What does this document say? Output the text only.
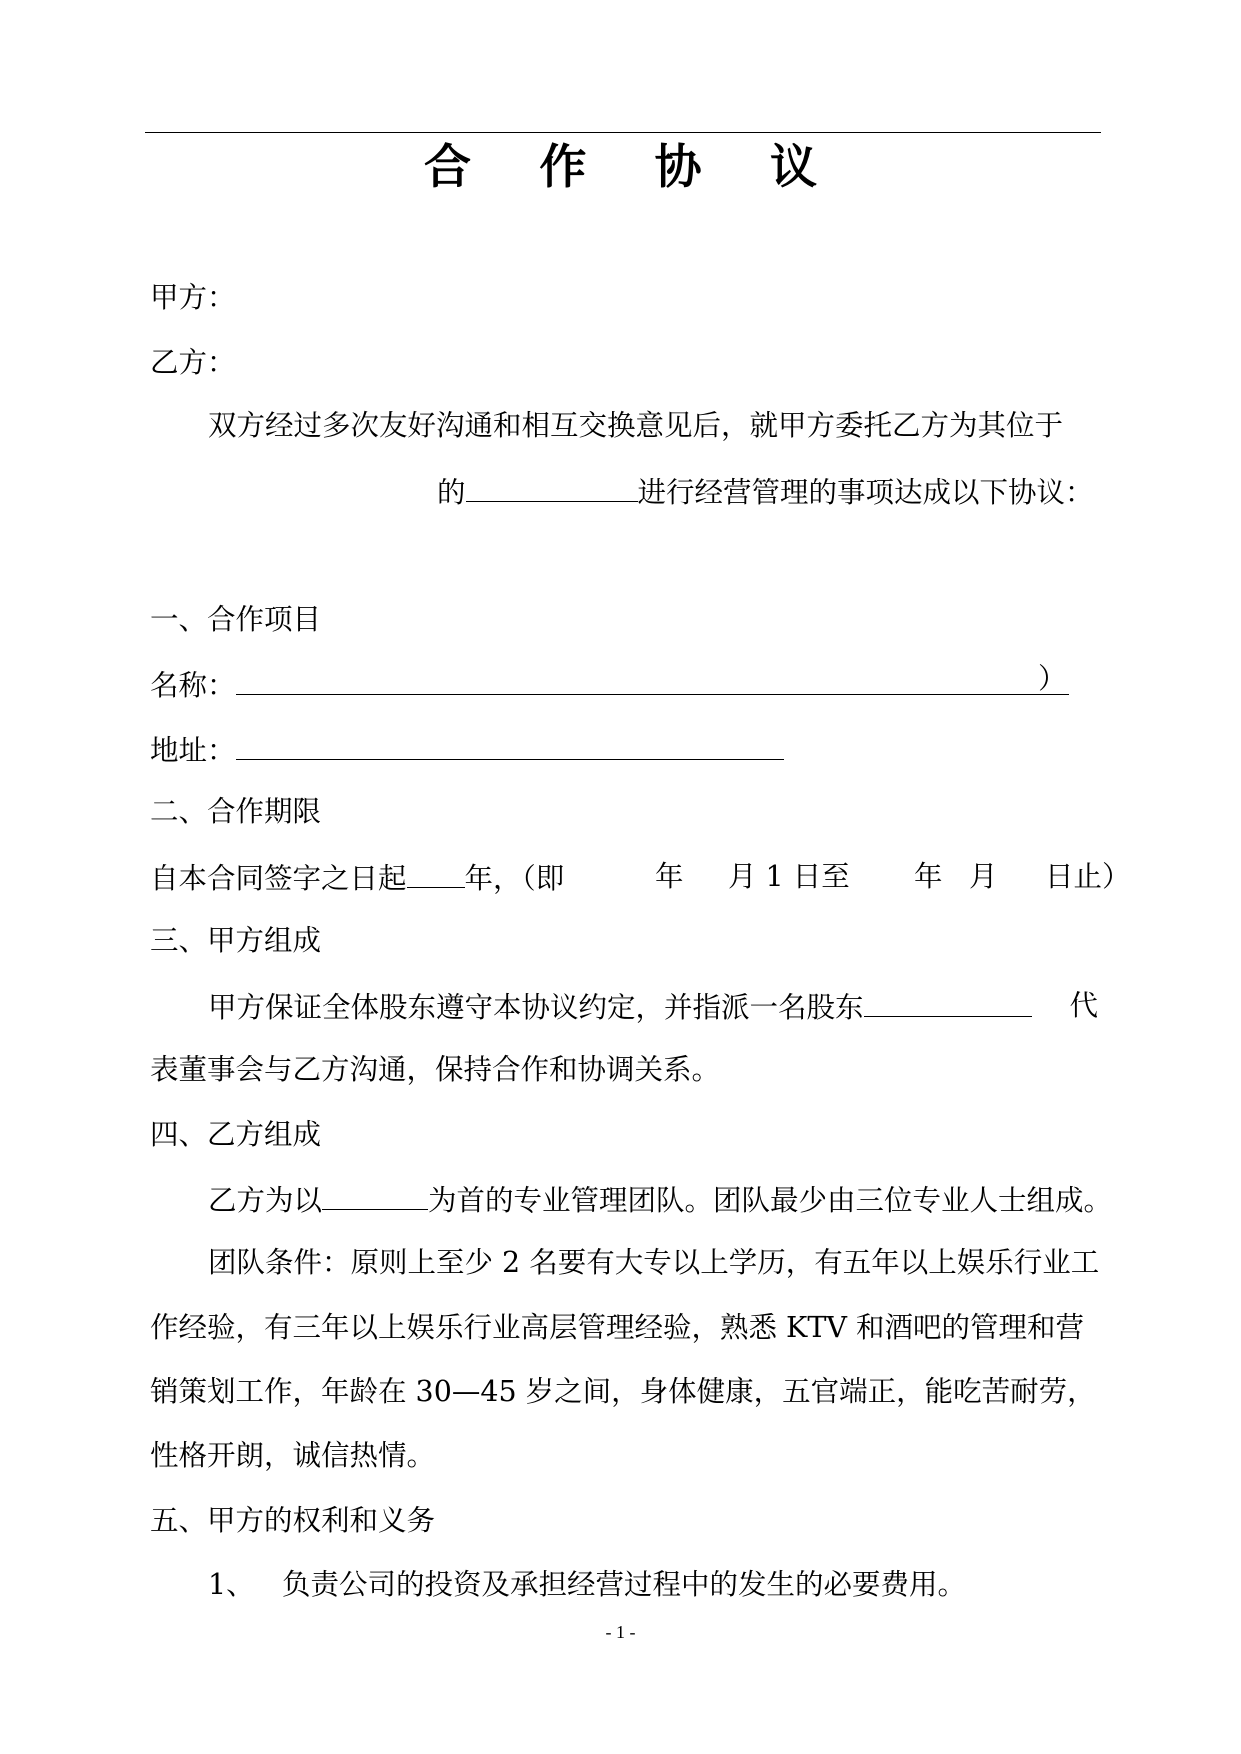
合 作 协 议
甲方：
乙方：
双方经过多次友好沟通和相互交换意见后，就甲方委托乙方为其位于
的	进行经营管理的事项达成以下协议：
一、合作项目
名称：	）
地址：
二、合作期限
自本合同签字之日起 年，（即	年 月 1 日至 年 月 日止）
三、甲方组成
甲方保证全体股东遵守本协议约定，并指派一名股东	代
表董事会与乙方沟通，保持合作和协调关系。
四、乙方组成
乙方为以	为首的专业管理团队。团队最少由三位专业人士组成。
团队条件：原则上至少 2 名要有大专以上学历，有五年以上娱乐行业工
作经验，有三年以上娱乐行业高层管理经验，熟悉 KTV 和酒吧的管理和营
销策划工作，年龄在 30—45 岁之间，身体健康，五官端正，能吃苦耐劳，
性格开朗，诚信热情。
五、甲方的权利和义务
1、 负责公司的投资及承担经营过程中的发生的必要费用。
- 1 -
